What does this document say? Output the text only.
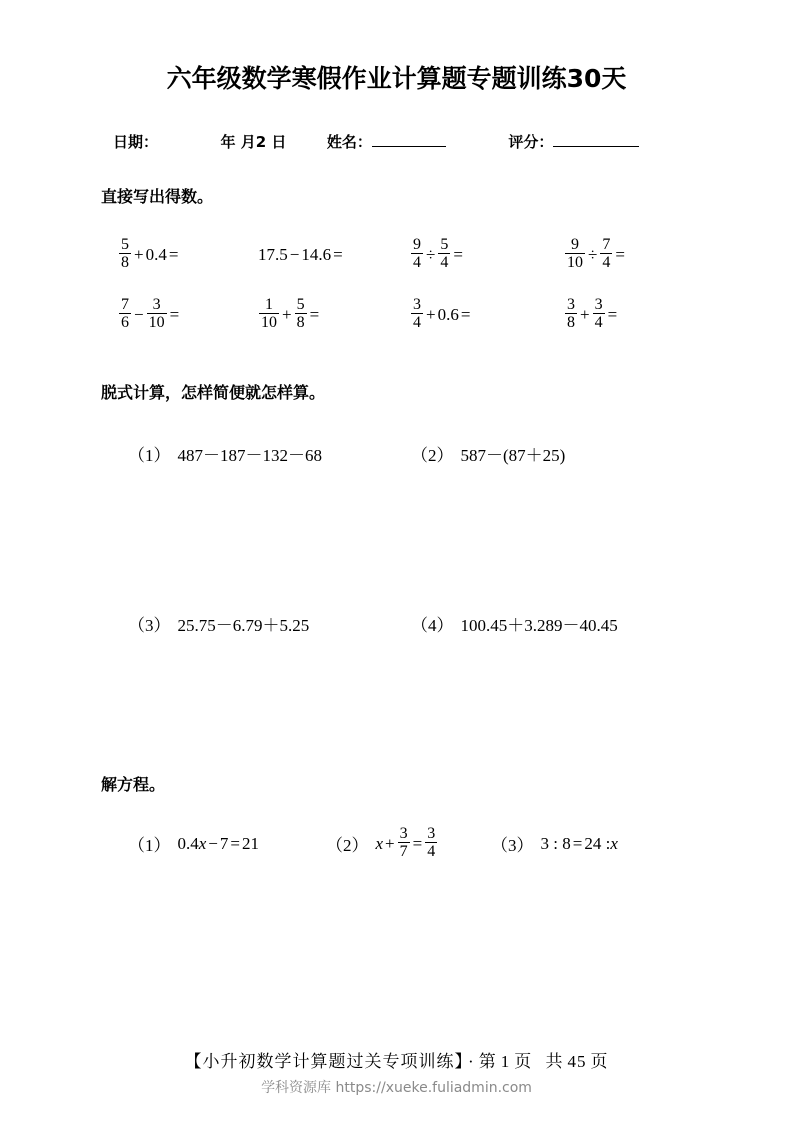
六年级数学寒假作业计算题专题训练30天
日期：	年 月2 日	姓名：	评分：
直接写出得数。
$\frac{5}{8} + 0.4$ =	17.5 − 14.6 =	$\frac{9}{4} \div \frac{5}{4}$ =	$\frac{9}{10} \div \frac{7}{4}$ =
$\frac{7}{6} - \frac{3}{10}$ =	$\frac{1}{10} + \frac{5}{8}$ =	$\frac{3}{4} + 0.6$ =	$\frac{3}{8} + \frac{3}{4}$ =
脱式计算，怎样简便就怎样算。
（1） 487－187－132－68	（2） 587－(87＋25)
（3） 25.75－6.79＋5.25	（4） 100.45＋3.289－40.45
解方程。
（1） 0.4x − 7 = 21	（2） $x + \frac{3}{7} = \frac{3}{4}$	（3） 3 : 8 = 24 :x
【小升初数学计算题过关专项训练】 · 第 1 页 共 45 页
学科资源库 https://xueke.fuliadmin.com
